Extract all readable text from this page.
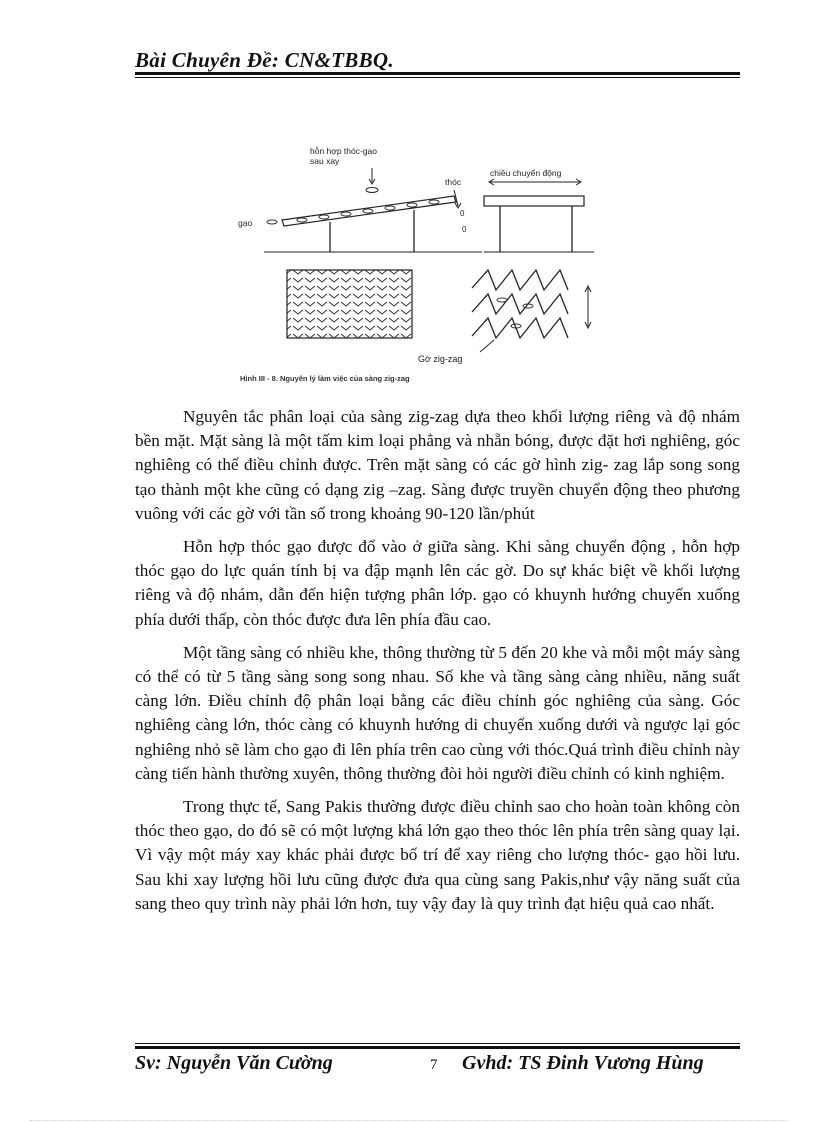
Bài Chuyên Đề: CN&TBBQ.
hỗn hợp thóc-gạo
sau xay
thóc
gạo
chiều chuyển động
0
0
Gờ zig-zag
Hình III - 8. Nguyên lý làm việc của sàng zig-zag

Nguyên tắc phân loại của sàng zig-zag dựa theo khối lượng riêng và độ nhám bền mặt. Mặt sàng là một tấm kim loại phẳng và nhẵn bóng, được đặt hơi nghiêng, góc nghiêng có thể điều chỉnh được. Trên mặt sàng có các gờ hình zig- zag lắp song song tạo thành một khe cũng có dạng zig –zag. Sàng được truyền chuyển động theo phương vuông với các gờ với tần số trong khoảng 90-120 lần/phút

Hỗn hợp thóc gạo được đổ vào ở giữa sàng. Khi sàng chuyển động , hỗn hợp thóc gạo do lực quán tính bị va đập mạnh lên các gờ. Do sự khác biệt về khối lượng riêng và độ nhám, dẫn đến hiện tượng phân lớp. gạo có khuynh hướng chuyển xuống phía dưới thấp, còn thóc được đưa lên phía đầu cao.

Một tầng sàng có nhiều khe, thông thường từ 5 đến 20 khe và mỗi một máy sàng có thể có từ 5 tầng sàng song song nhau. Số khe và tầng sàng càng nhiều, năng suất càng lớn. Điều chỉnh độ phân loại bằng các điều chỉnh góc nghiêng của sàng. Góc nghiêng càng lớn, thóc càng có khuynh hướng di chuyển xuống dưới và ngược lại góc nghiêng nhỏ sẽ làm cho gạo đi lên phía trên cao cùng với thóc.Quá trình điều chỉnh này càng tiến hành thường xuyên, thông thường đòi hỏi người điều chỉnh có kinh nghiệm.

Trong thực tế, Sang Pakis thường được điều chỉnh sao cho hoàn toàn không còn thóc theo gạo, do đó sẽ có một lượng khá lớn gạo theo thóc lên phía trên sàng quay lại. Vì vậy một máy xay khác phải được bố trí để xay riêng cho lượng thóc- gạo hồi lưu. Sau khi xay lượng hồi lưu cũng được đưa qua cùng sang Pakis,như vậy năng suất của sang theo quy trình này phải lớn hơn, tuy vậy đay là quy trình đạt hiệu quả cao nhất.

Sv: Nguyễn Văn Cường	7 Gvhd: TS Đinh Vương Hùng
